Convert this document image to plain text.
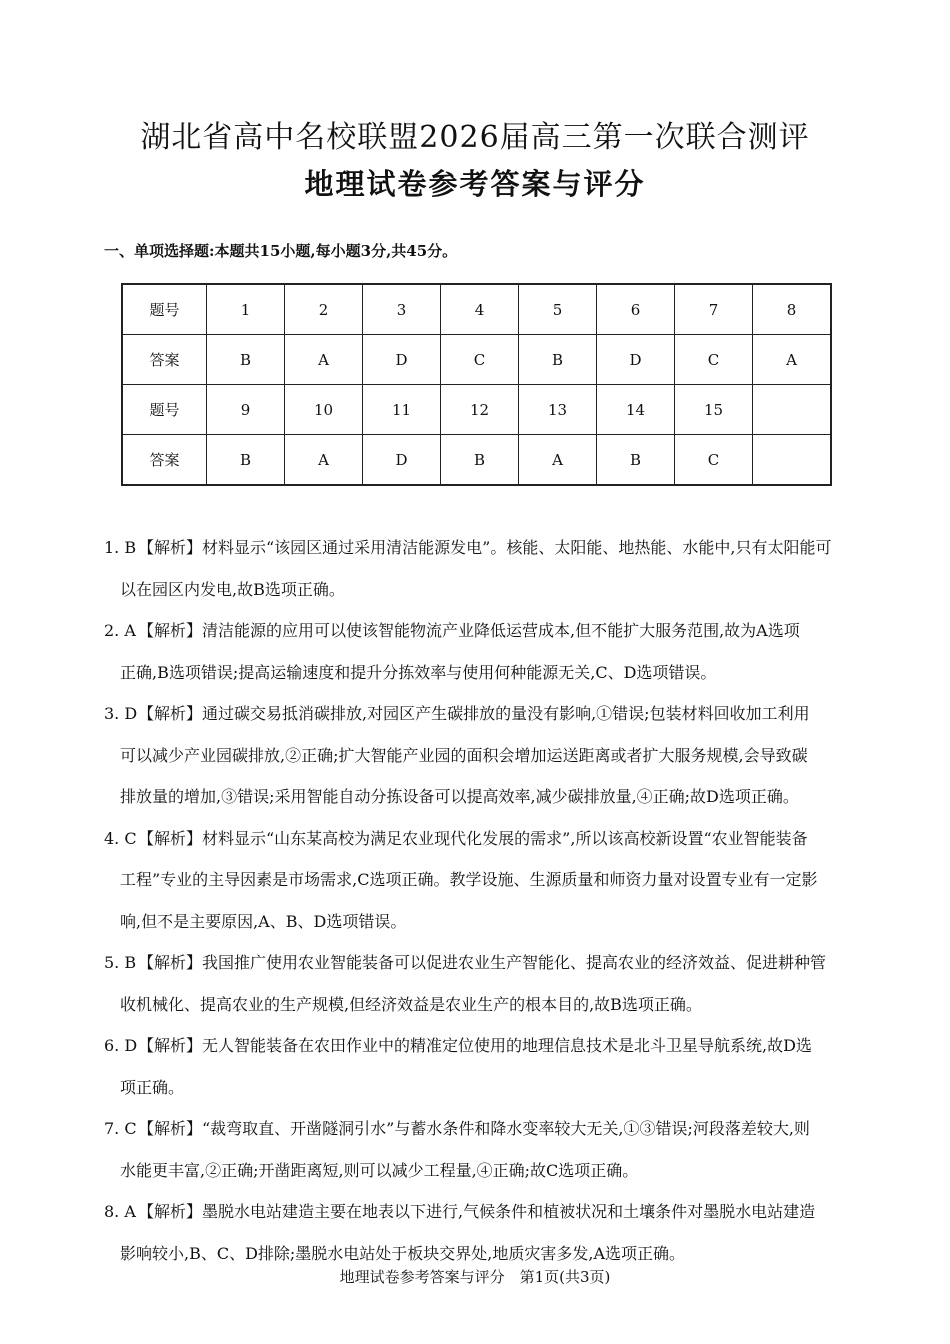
湖北省高中名校联盟2026届高三第一次联合测评
地理试卷参考答案与评分
一、单项选择题:本题共15小题,每小题3分,共45分。
题号	1	2	3	4	5	6	7	8
答案	B	A	D	C	B	D	C	A
题号	9	10	11	12	13	14	15	
答案	B	A	D	B	A	B	C	
1. B 【解析】材料显示“该园区通过采用清洁能源发电”。核能、太阳能、地热能、水能中,只有太阳能可
以在园区内发电,故B选项正确。
2. A 【解析】清洁能源的应用可以使该智能物流产业降低运营成本,但不能扩大服务范围,故为A选项
正确,B选项错误;提高运输速度和提升分拣效率与使用何种能源无关,C、D选项错误。
3. D【解析】通过碳交易抵消碳排放,对园区产生碳排放的量没有影响,①错误;包装材料回收加工利用
可以减少产业园碳排放,②正确;扩大智能产业园的面积会增加运送距离或者扩大服务规模,会导致碳
排放量的增加,③错误;采用智能自动分拣设备可以提高效率,减少碳排放量,④正确;故D选项正确。
4. C【解析】材料显示“山东某高校为满足农业现代化发展的需求”,所以该高校新设置“农业智能装备
工程”专业的主导因素是市场需求,C选项正确。教学设施、生源质量和师资力量对设置专业有一定影
响,但不是主要原因,A、B、D选项错误。
5. B 【解析】我国推广使用农业智能装备可以促进农业生产智能化、提高农业的经济效益、促进耕种管
收机械化、提高农业的生产规模,但经济效益是农业生产的根本目的,故B选项正确。
6. D【解析】无人智能装备在农田作业中的精准定位使用的地理信息技术是北斗卫星导航系统,故D选
项正确。
7. C【解析】“裁弯取直、开凿隧洞引水”与蓄水条件和降水变率较大无关,①③错误;河段落差较大,则
水能更丰富,②正确;开凿距离短,则可以减少工程量,④正确;故C选项正确。
8. A 【解析】墨脱水电站建造主要在地表以下进行,气候条件和植被状况和土壤条件对墨脱水电站建造
影响较小,B、C、D排除;墨脱水电站处于板块交界处,地质灾害多发,A选项正确。
地理试卷参考答案与评分　第1页(共3页)
